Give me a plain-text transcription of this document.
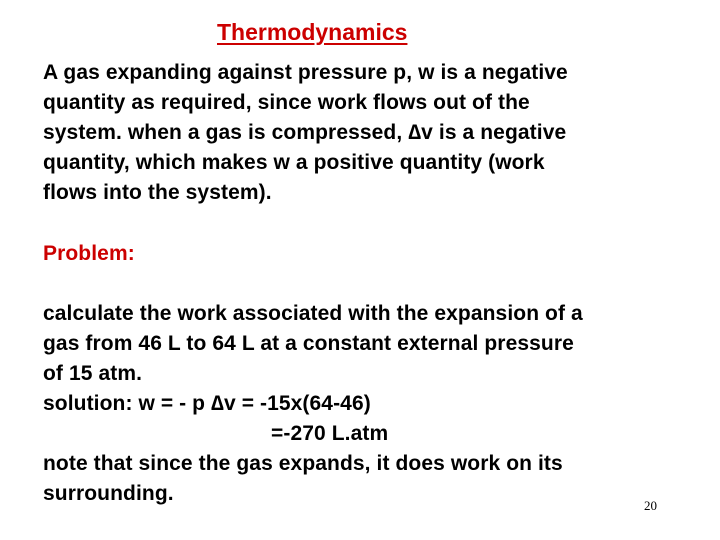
Thermodynamics
A gas expanding against pressure p, w is a negative
quantity as required, since work flows out of the
system. when a gas is compressed, ∆v is a negative
quantity, which makes w a positive quantity (work
flows into the system).
Problem:
calculate the work associated with the expansion of a
gas from 46 L to 64 L at a constant external pressure
of 15 atm.
solution: w = - p ∆v = -15x(64-46)
=-270 L.atm
note that since the gas expands, it does work on its
surrounding.
20
